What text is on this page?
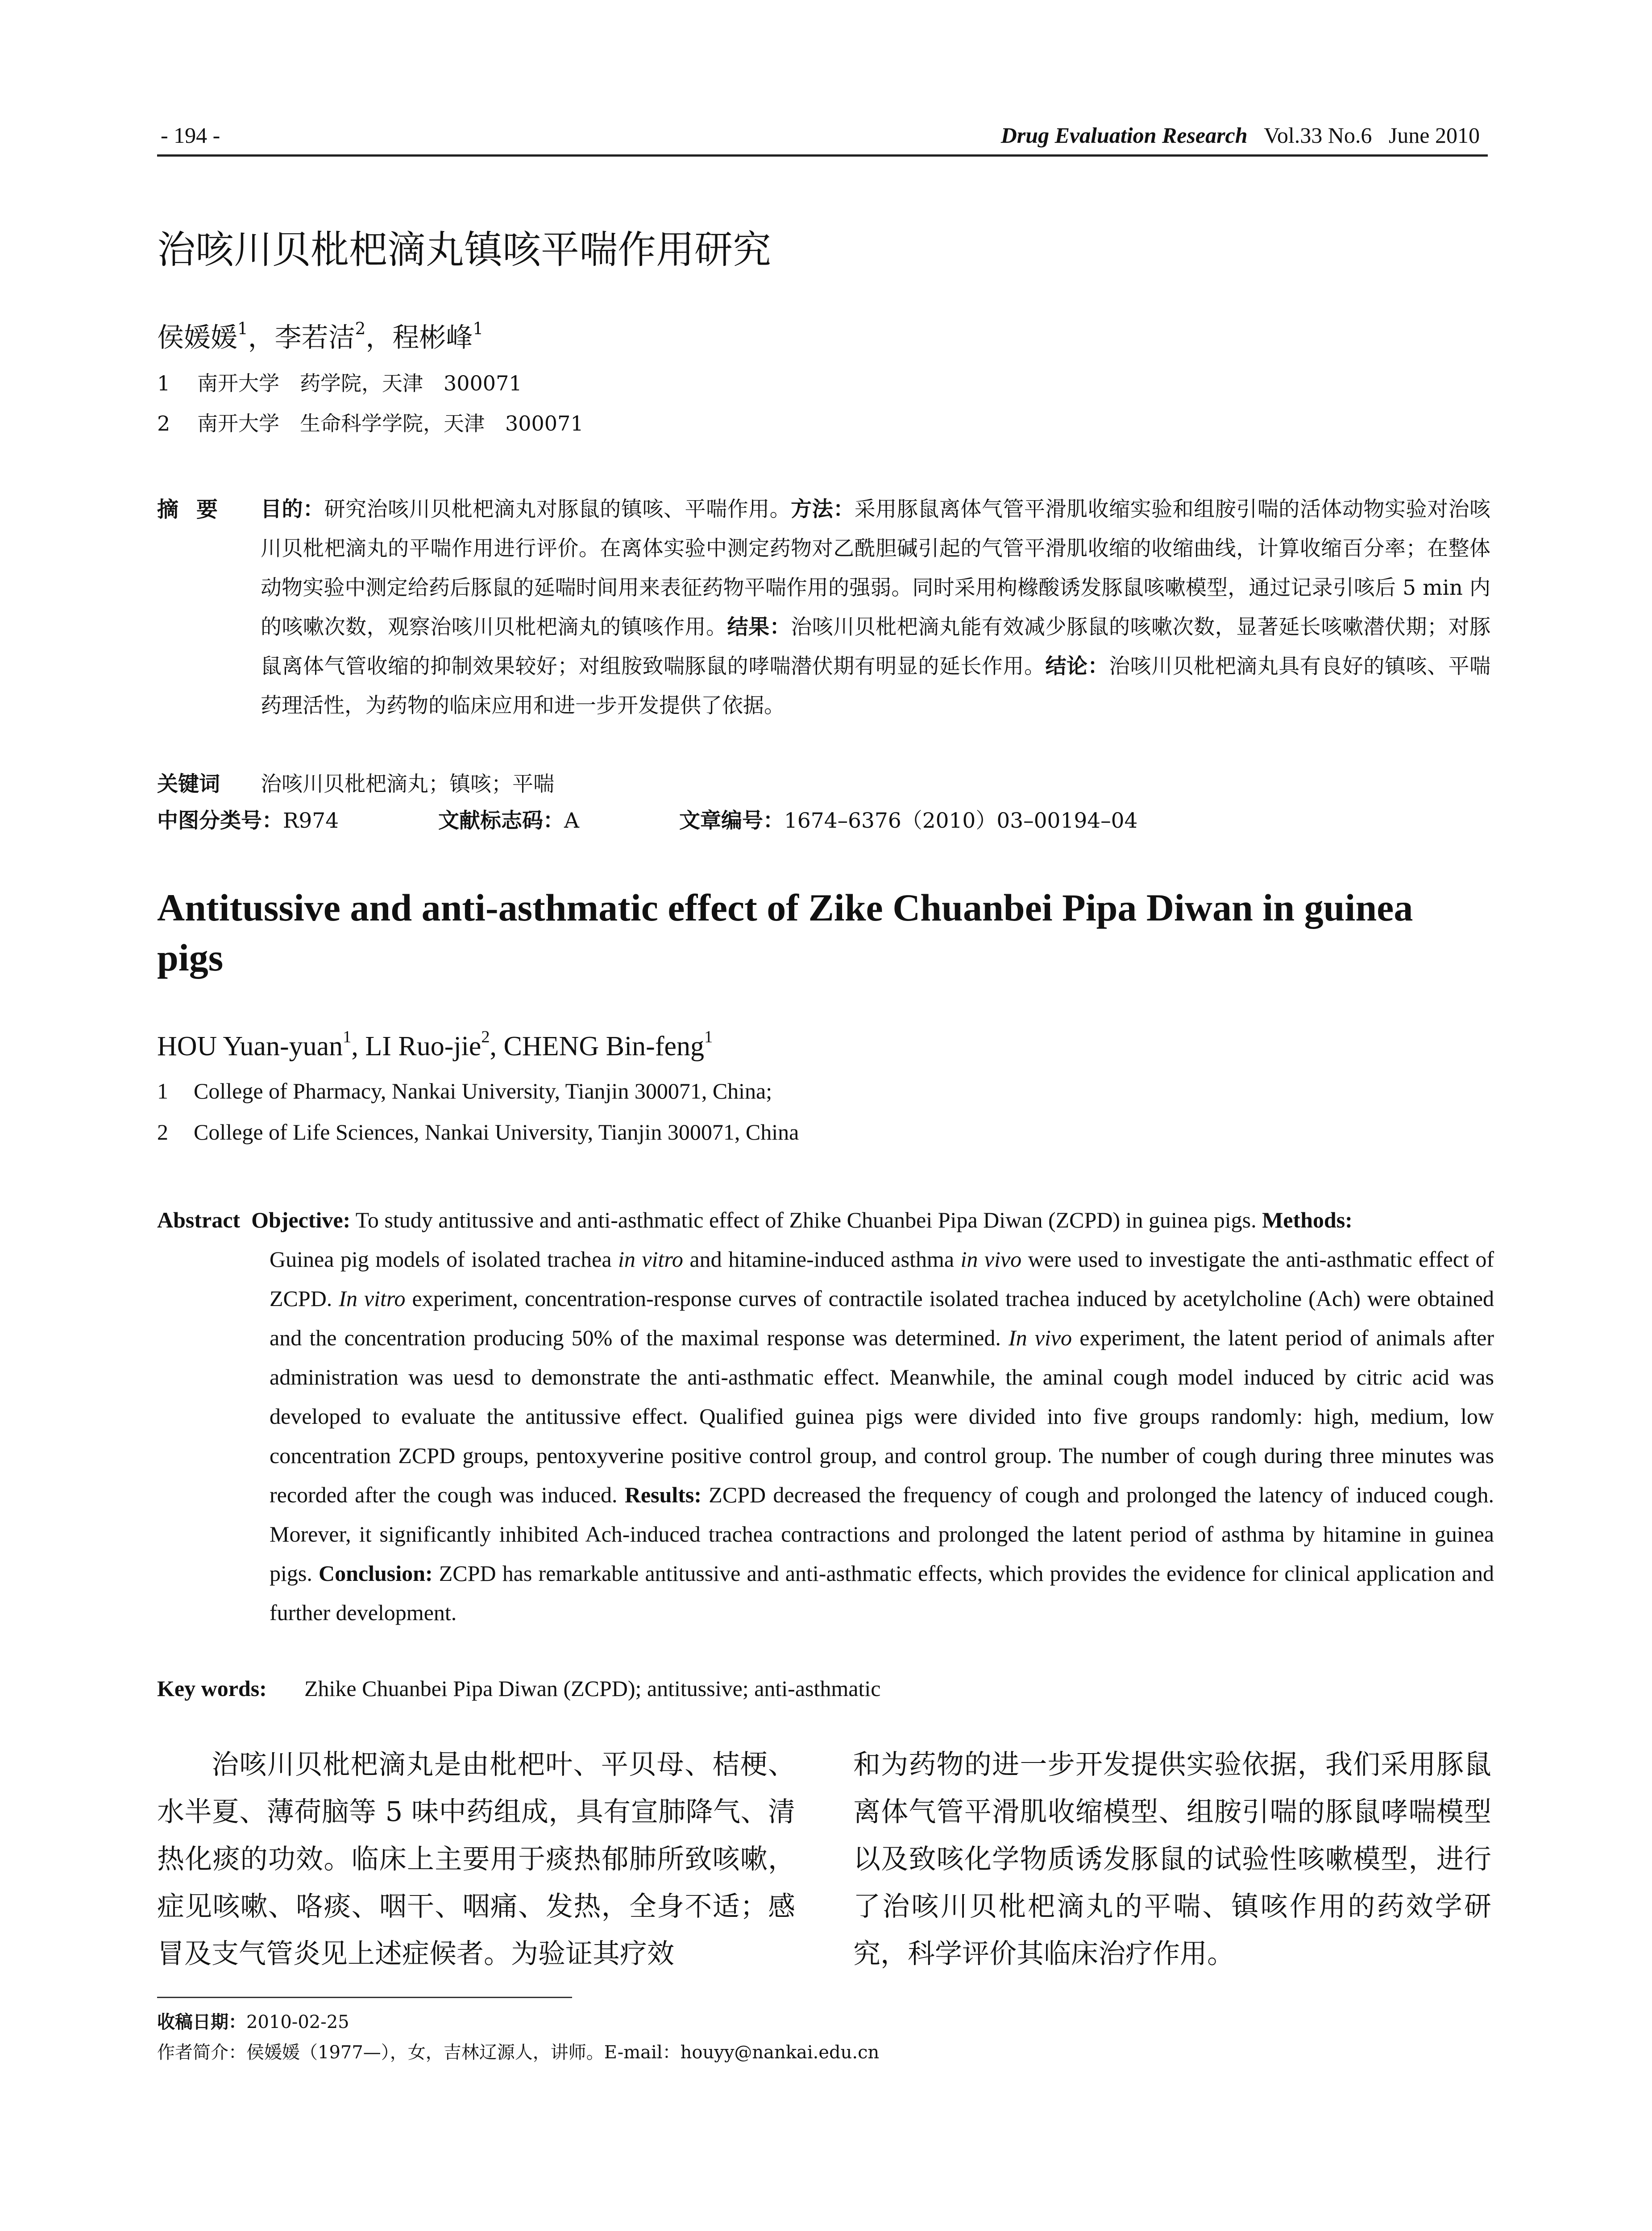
- 194 -	Drug Evaluation Research Vol.33 No.6   June 2010
治咳川贝枇杷滴丸镇咳平喘作用研究
侯媛媛$^1$，李若洁$^2$，程彬峰$^1$
1 南开大学　药学院，天津　300071
2 南开大学　生命科学学院，天津　300071
摘要	目的：研究治咳川贝枇杷滴丸对豚鼠的镇咳、平喘作用。方法：采用豚鼠离体气管平滑肌收缩实验和组胺引喘的活体动物实验对治咳川贝枇杷滴丸的平喘作用进行评价。在离体实验中测定药物对乙酰胆碱引起的气管平滑肌收缩的收缩曲线，计算收缩百分率；在整体动物实验中测定给药后豚鼠的延喘时间用来表征药物平喘作用的强弱。同时采用枸橼酸诱发豚鼠咳嗽模型，通过记录引咳后 5 min 内的咳嗽次数，观察治咳川贝枇杷滴丸的镇咳作用。结果：治咳川贝枇杷滴丸能有效减少豚鼠的咳嗽次数，显著延长咳嗽潜伏期；对豚鼠离体气管收缩的抑制效果较好；对组胺致喘豚鼠的哮喘潜伏期有明显的延长作用。结论：治咳川贝枇杷滴丸具有良好的镇咳、平喘药理活性，为药物的临床应用和进一步开发提供了依据。
关键词 治咳川贝枇杷滴丸；镇咳；平喘
中图分类号：R974	文献标志码：A	文章编号：1674–6376（2010）03–00194–04
Antitussive and anti-asthmatic effect of Zike Chuanbei Pipa Diwan in guinea pigs
HOU Yuan-yuan$^1$, LI Ruo-jie$^2$, CHENG Bin-feng$^1$
1 College of Pharmacy, Nankai University, Tianjin 300071, China;
2 College of Life Sciences, Nankai University, Tianjin 300071, China

Abstract Objective: To study antitussive and anti-asthmatic effect of Zhike Chuanbei Pipa Diwan (ZCPD) in guinea pigs. Methods:

Guinea pig models of isolated trachea in vitro and hitamine-induced asthma in vivo were used to investigate the anti-asthmatic effect of ZCPD. In vitro experiment, concentration-response curves of contractile isolated trachea induced by acetylcholine (Ach) were obtained and the concentration producing 50% of the maximal response was determined. In vivo experiment, the latent period of animals after administration was uesd to demonstrate the anti-asthmatic effect. Meanwhile, the aminal cough model induced by citric acid was developed to evaluate the antitussive effect. Qualified guinea pigs were divided into five groups randomly: high, medium, low concentration ZCPD groups, pentoxyverine positive control group, and control group. The number of cough during three minutes was recorded after the cough was induced. Results: ZCPD decreased the frequency of cough and prolonged the latency of induced cough. Morever, it significantly inhibited Ach-induced trachea contractions and prolonged the latent period of asthma by hitamine in guinea pigs. Conclusion: ZCPD has remarkable antitussive and anti-asthmatic effects, which provides the evidence for clinical application and further development.

Key words: Zhike Chuanbei Pipa Diwan (ZCPD); antitussive; anti-asthmatic

治咳川贝枇杷滴丸是由枇杷叶、平贝母、桔梗、水半夏、薄荷脑等 5 味中药组成，具有宣肺降气、清热化痰的功效。临床上主要用于痰热郁肺所致咳嗽，症见咳嗽、咯痰、咽干、咽痛、发热，全身不适；感冒及支气管炎见上述症候者。为验证其疗效

和为药物的进一步开发提供实验依据，我们采用豚鼠离体气管平滑肌收缩模型、组胺引喘的豚鼠哮喘模型以及致咳化学物质诱发豚鼠的试验性咳嗽模型，进行了治咳川贝枇杷滴丸的平喘、镇咳作用的药效学研究，科学评价其临床治疗作用。

收稿日期：2010-02-25
作者简介：侯媛媛（1977—），女，吉林辽源人，讲师。E-mail：houyy@nankai.edu.cn
